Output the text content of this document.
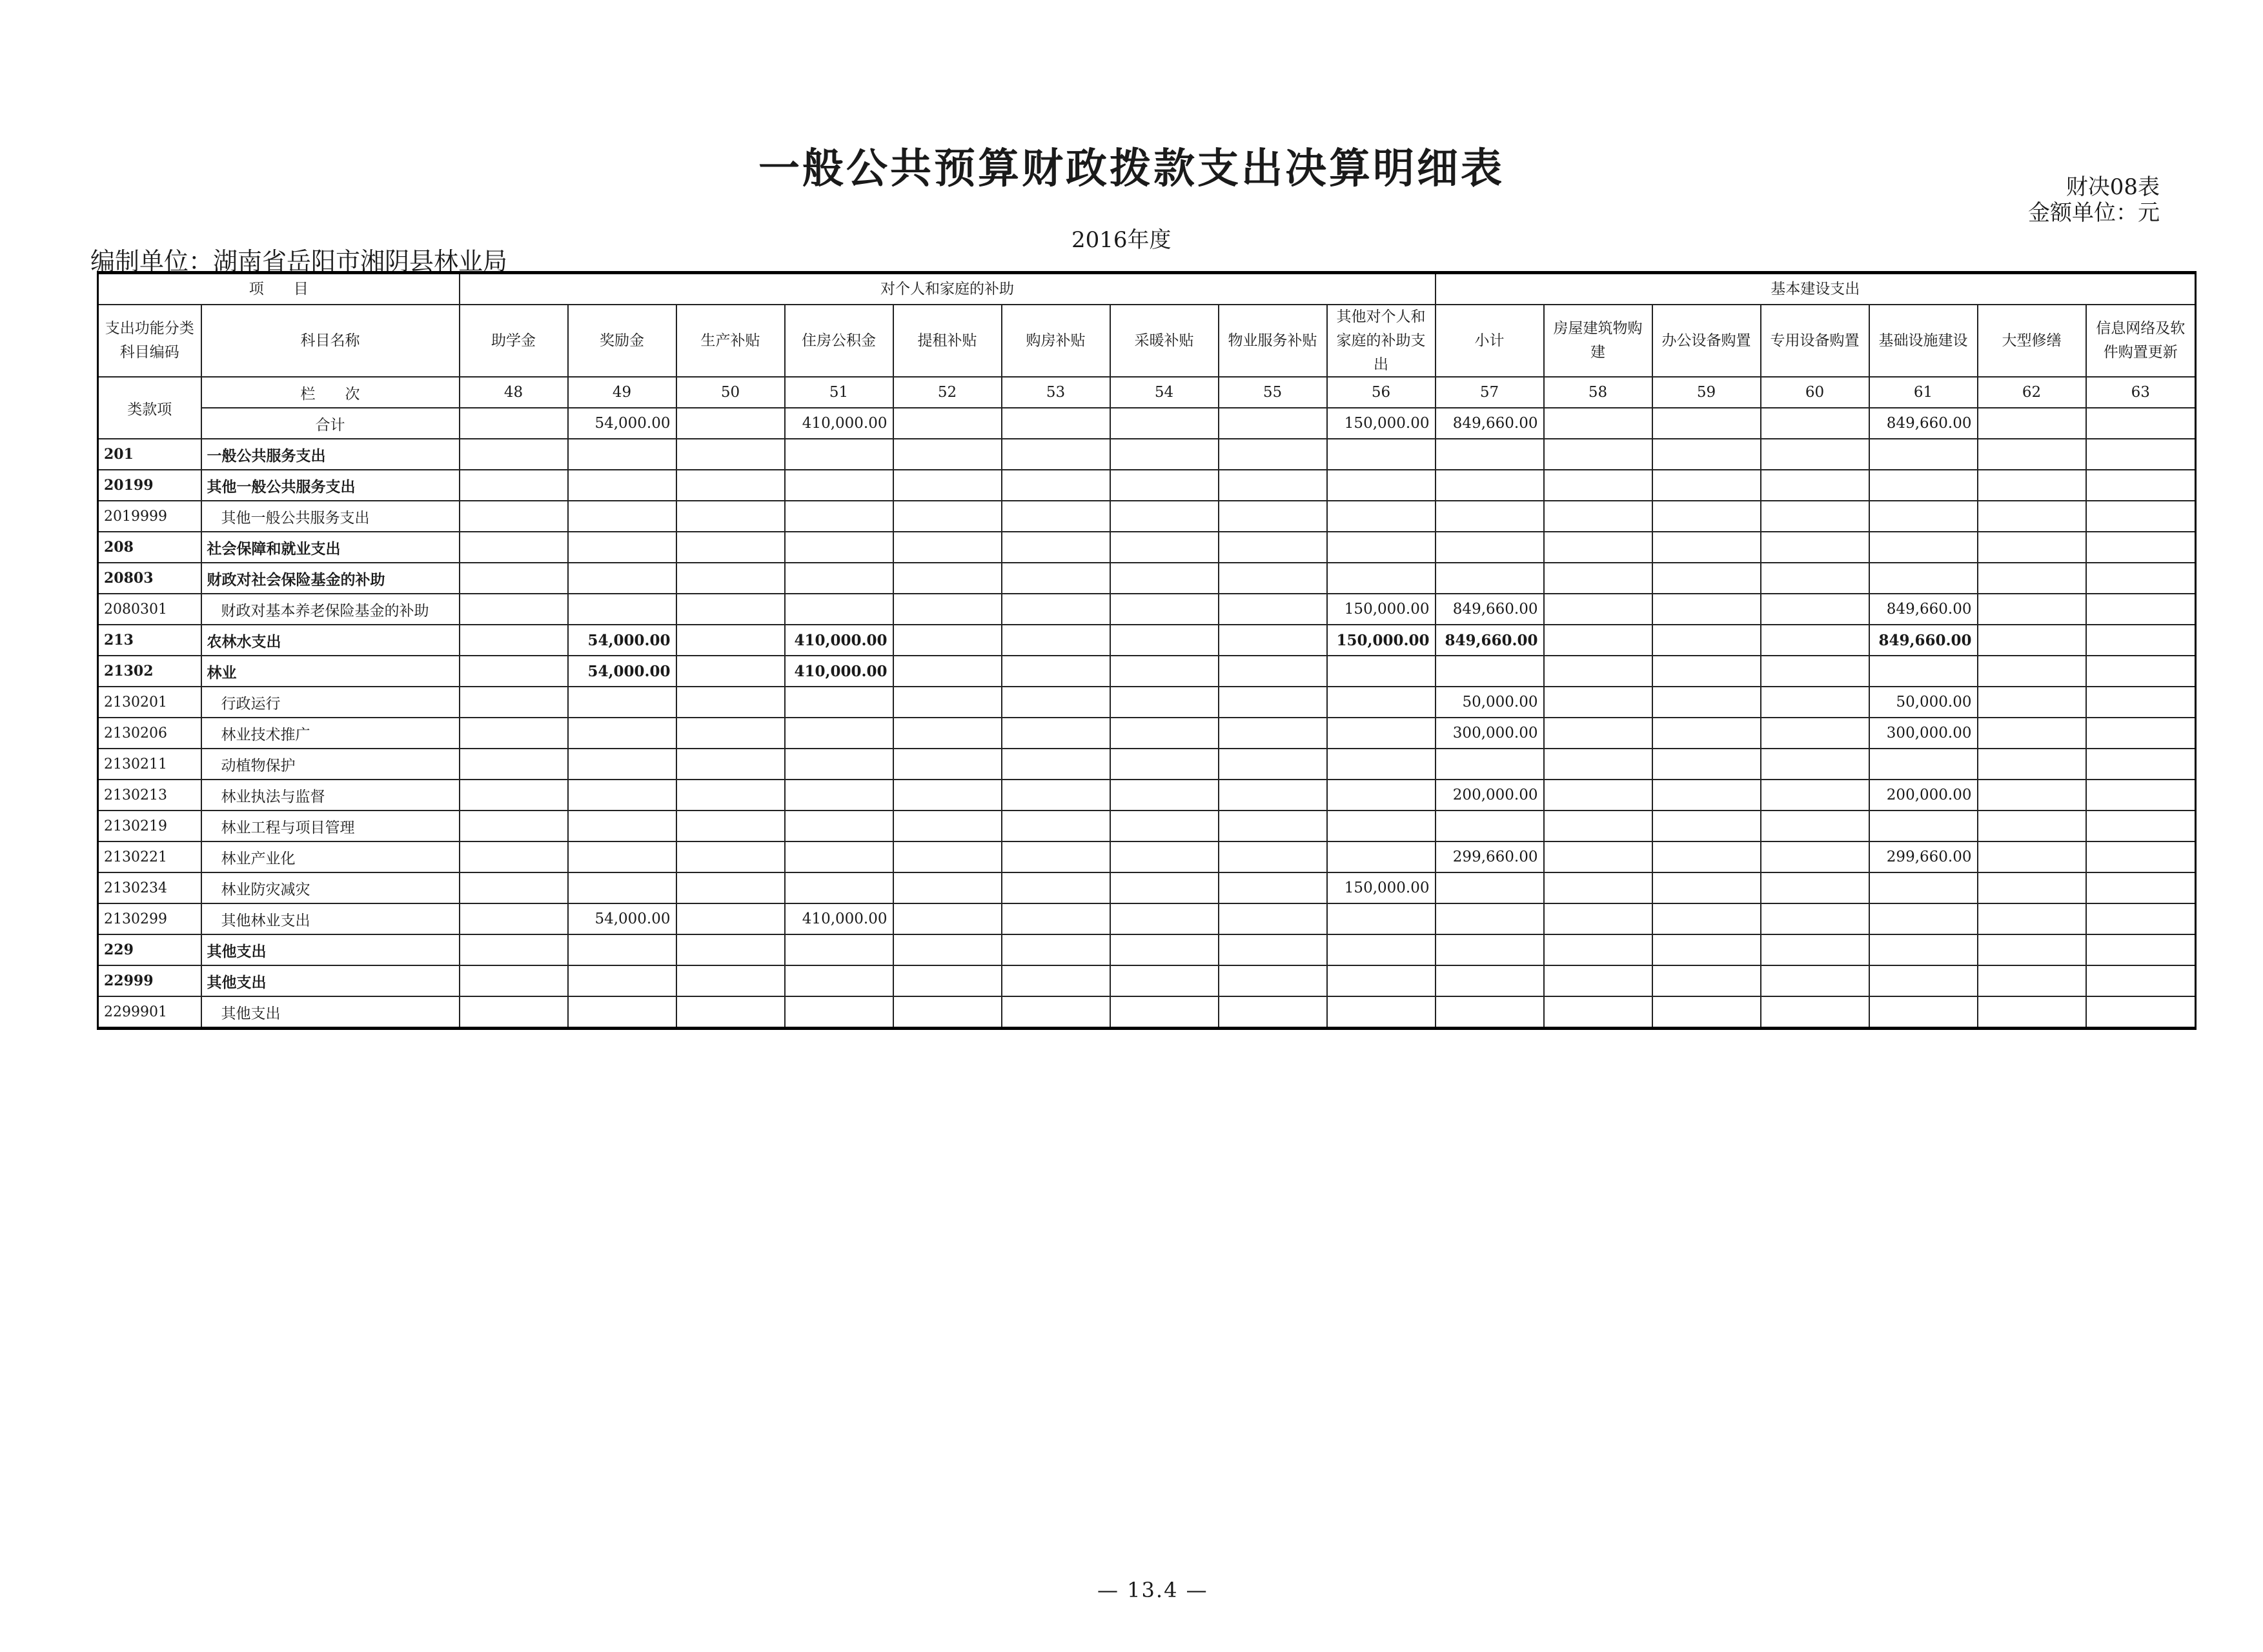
一般公共预算财政拨款支出决算明细表	财决08表
金额单位：元
2016年度
编制单位：湖南省岳阳市湘阴县林业局
项　　目		对个人和家庭的补助									基本建设支出						
支出功能分类科目编码	科目名称	助学金	奖励金	生产补贴	住房公积金	提租补贴	购房补贴	采暖补贴	物业服务补贴	其他对个人和家庭的补助支出	小计	房屋建筑物购建	办公设备购置	专用设备购置	基础设施建设	大型修缮	信息网络及软件购置更新
类款项	栏　　次	48	49	50	51	52	53	54	55	56	57	58	59	60	61	62	63
	合计		54,000.00		410,000.00					150,000.00	849,660.00				849,660.00		
201	一般公共服务支出																
20199	其他一般公共服务支出																
2019999	其他一般公共服务支出																
208	社会保障和就业支出																
20803	财政对社会保险基金的补助																
2080301	财政对基本养老保险基金的补助									150,000.00	849,660.00				849,660.00		
213	农林水支出		54,000.00		410,000.00					150,000.00	849,660.00				849,660.00		
21302	林业		54,000.00		410,000.00												
2130201	行政运行										50,000.00				50,000.00		
2130206	林业技术推广										300,000.00				300,000.00		
2130211	动植物保护																
2130213	林业执法与监督										200,000.00				200,000.00		
2130219	林业工程与项目管理																
2130221	林业产业化										299,660.00				299,660.00		
2130234	林业防灾减灾									150,000.00							
2130299	其他林业支出		54,000.00		410,000.00												
229	其他支出																
22999	其他支出																
2299901	其他支出																
— 13.4 —
